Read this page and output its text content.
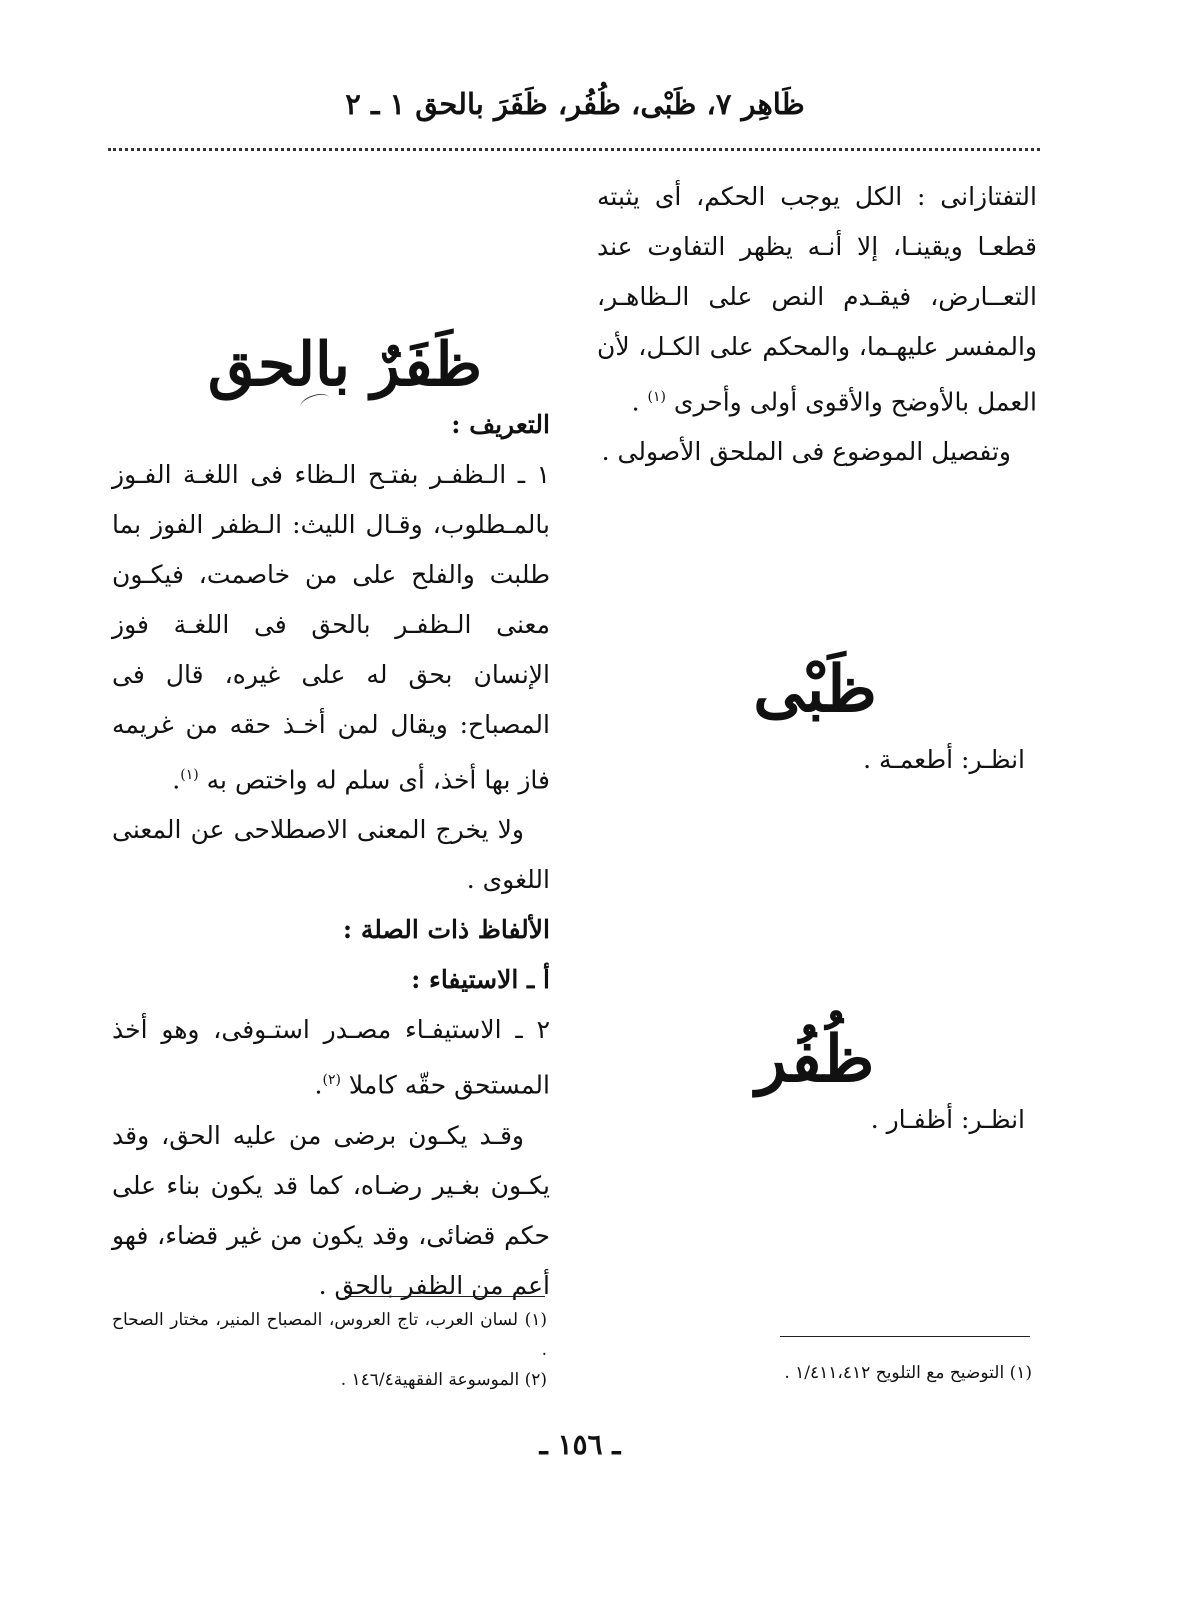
ظَاهِر ٧، ظَبْى، ظُفُر، ظَفَرَ بالحق ١ ـ ٢

التفتازانى : الكل يوجب الحكم، أى يثبته قطعـا ويقينـا، إلا أنـه يظهر التفاوت عند التعــارض، فيقـدم النص على الـظاهـر، والمفسر عليهـما، والمحكم على الكـل، لأن العمل بالأوضح والأقوى أولى وأحرى $^{(١)}$ .

وتفصيل الموضوع فى الملحق الأصولى .

ظَفَرٌ بالحق
ظَبْى
انظـر: أطعمـة .
ظُفُر
انظـر: أظفـار .

التعريف :

١ ـ الـظفـر بفتـح الـظاء فى اللغـة الفـوز بالمـطلوب، وقـال الليث: الـظفر الفوز بما طلبت والفلح على من خاصمت، فيكـون معنى الـظفـر بالحق فى اللغـة فوز الإنسان بحق له على غيره، قال فى المصباح: ويقال لمن أخـذ حقه من غريمه فاز بها أخذ، أى سلم له واختص به $^{(١)}$.

ولا يخرج المعنى الاصطلاحى عن المعنى اللغوى .

الألفاظ ذات الصلة :

أ ـ الاستيفاء :

٢ ـ الاستيفـاء مصـدر استـوفى، وهو أخذ المستحق حقّه كاملا $^{(٢)}$.

وقـد يكـون برضى من عليه الحق، وقد يكـون بغـير رضـاه، كما قد يكون بناء على حكم قضائى، وقد يكون من غير قضاء، فهو أعم من الظفر بالحق .

(١) لسان العرب، تاج العروس، المصباح المنير، مختار الصحاح .

(٢) الموسوعة الفقهية١٤٦/٤ .	(١) التوضيح مع التلويح ١/٤١١،٤١٢ .

ـ ١٥٦ ـ
